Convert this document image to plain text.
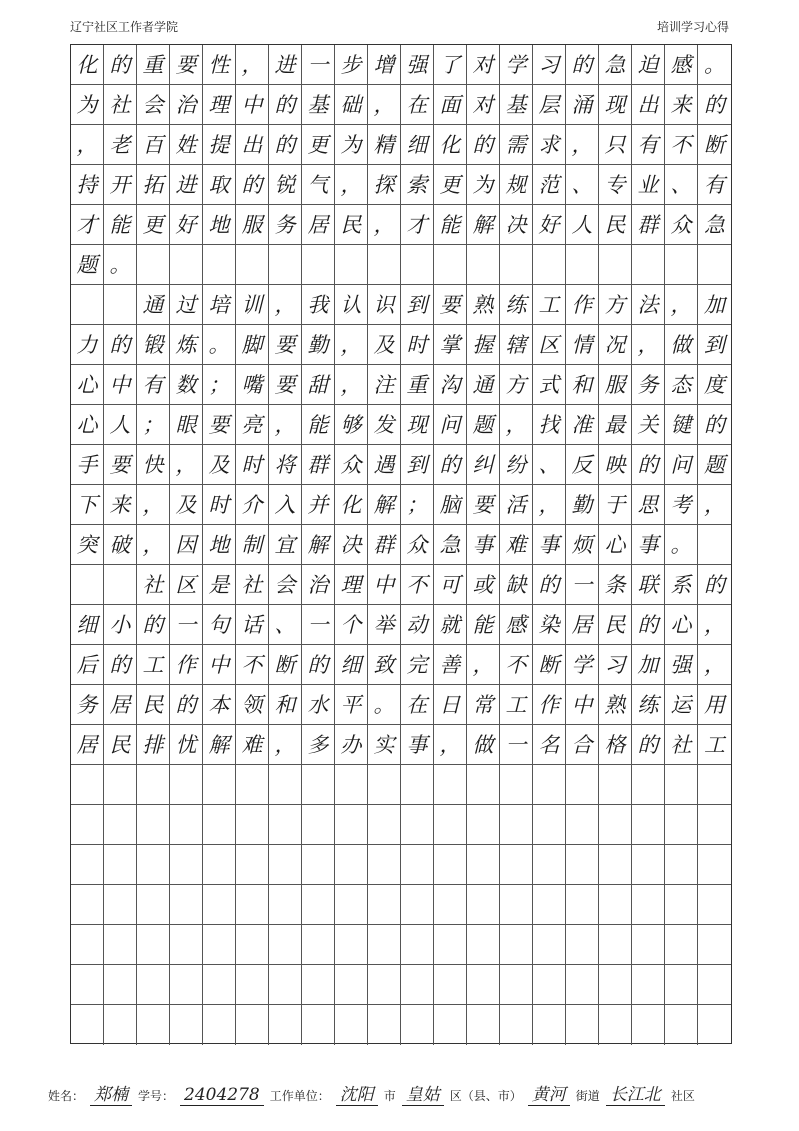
辽宁社区工作者学院	培训学习心得
化 的 重 要 性 ， 进 一 步 增 强 了 对 学 习 的 急 迫 感 。
为 社 会 治 理 中 的 基 础 ， 在 面 对 基 层 涌 现 出 来 的
， 老 百 姓 提 出 的 更 为 精 细 化 的 需 求 ， 只 有 不 断
持 开 拓 进 取 的 锐 气 ， 探 索 更 为 规 范 、 专 业 、 有
才 能 更 好 地 服 务 居 民 ， 才 能 解 决 好 人 民 群 众 急
题 。
通 过 培 训 ， 我 认 识 到 要 熟 练 工 作 方 法 ， 加
力 的 锻 炼 。 脚 要 勤 ， 及 时 掌 握 辖 区 情 况 ， 做 到
心 中 有 数 ； 嘴 要 甜 ， 注 重 沟 通 方 式 和 服 务 态 度
心 人 ； 眼 要 亮 ， 能 够 发 现 问 题 ， 找 准 最 关 键 的
手 要 快 ， 及 时 将 群 众 遇 到 的 纠 纷 、 反 映 的 问 题
下 来 ， 及 时 介 入 并 化 解 ； 脑 要 活 ， 勤 于 思 考 ，
突 破 ， 因 地 制 宜 解 决 群 众 急 事 难 事 烦 心 事 。
社 区 是 社 会 治 理 中 不 可 或 缺 的 一 条 联 系 的
细 小 的 一 句 话 、 一 个 举 动 就 能 感 染 居 民 的 心 ，
后 的 工 作 中 不 断 的 细 致 完 善 ， 不 断 学 习 加 强 ，
务 居 民 的 本 领 和 水 平 。 在 日 常 工 作 中 熟 练 运 用
居 民 排 忧 解 难 ， 多 办 实 事 ， 做 一 名 合 格 的 社 工
姓名： 郑楠 学号： 2404278 工作单位： 沈阳 市 皇姑 区（县、市） 黄河 街道 长江北 社区
